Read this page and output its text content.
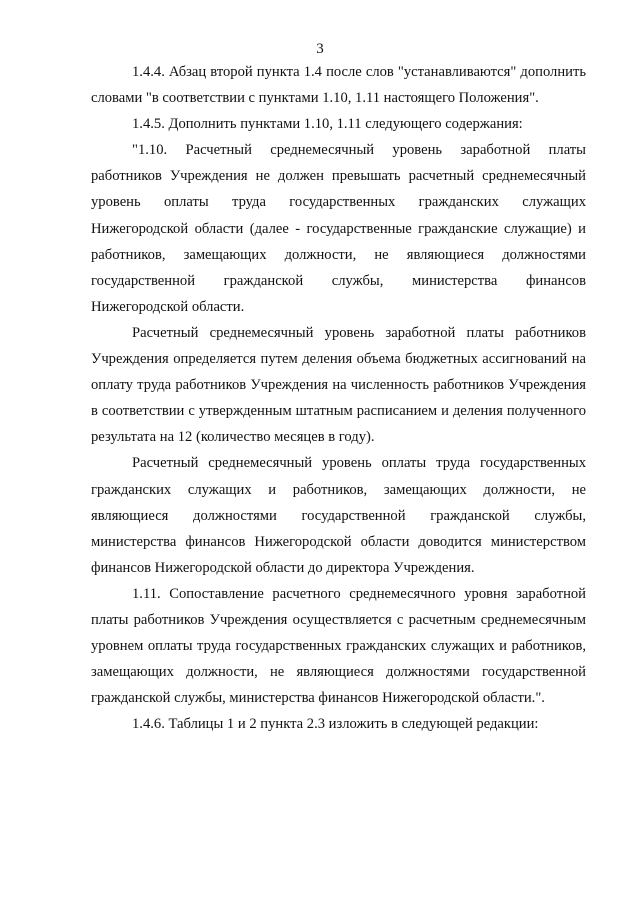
3

1.4.4. Абзац второй пункта 1.4 после слов "устанавливаются" дополнить словами "в соответствии с пунктами 1.10, 1.11 настоящего Положения".

1.4.5. Дополнить пунктами 1.10, 1.11 следующего содержания:

"1.10. Расчетный среднемесячный уровень заработной платы работников Учреждения не должен превышать расчетный среднемесячный уровень оплаты труда государственных гражданских служащих Нижегородской области (далее - государственные гражданские служащие) и работников, замещающих должности, не являющиеся должностями государственной гражданской службы, министерства финансов Нижегородской области.

Расчетный среднемесячный уровень заработной платы работников Учреждения определяется путем деления объема бюджетных ассигнований на оплату труда работников Учреждения на численность работников Учреждения в соответствии с утвержденным штатным расписанием и деления полученного результата на 12 (количество месяцев в году).

Расчетный среднемесячный уровень оплаты труда государственных гражданских служащих и работников, замещающих должности, не являющиеся должностями государственной гражданской службы, министерства финансов Нижегородской области доводится министерством финансов Нижегородской области до директора Учреждения.

1.11. Сопоставление расчетного среднемесячного уровня заработной платы работников Учреждения осуществляется с расчетным среднемесячным уровнем оплаты труда государственных гражданских служащих и работников, замещающих должности, не являющиеся должностями государственной гражданской службы, министерства финансов Нижегородской области.".

1.4.6. Таблицы 1 и 2 пункта 2.3 изложить в следующей редакции:
